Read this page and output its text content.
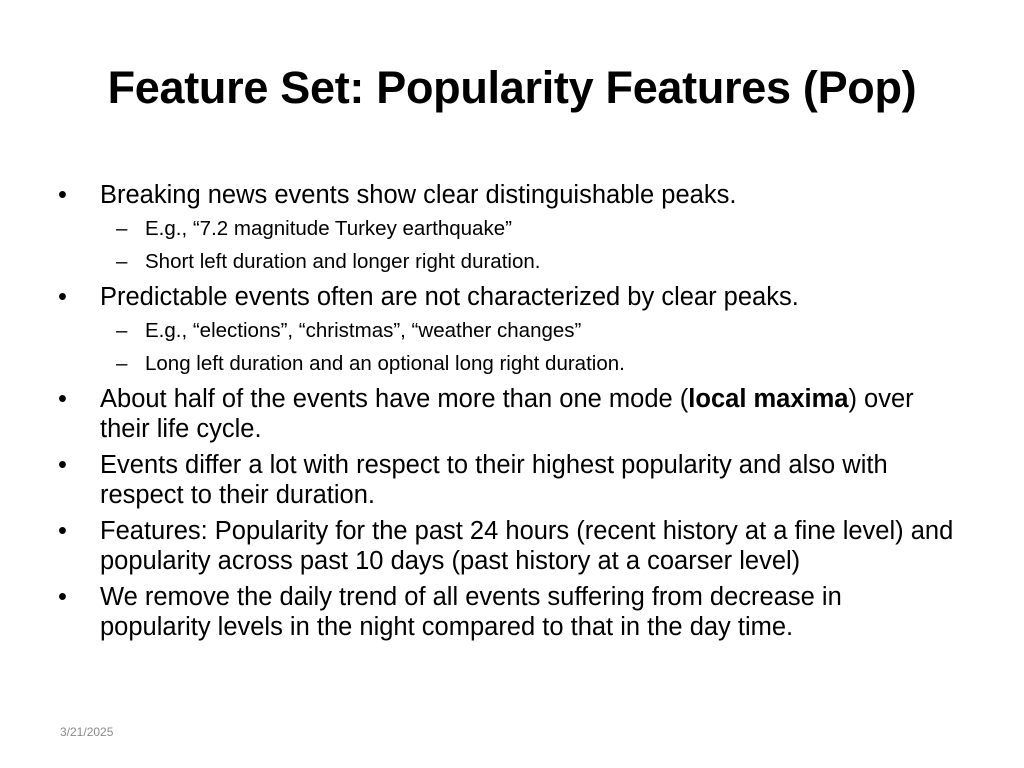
Feature Set: Popularity Features (Pop)
• Breaking news events show clear distinguishable peaks.
– E.g., “7.2 magnitude Turkey earthquake”
– Short left duration and longer right duration.
• Predictable events often are not characterized by clear peaks.
– E.g., “elections”, “christmas”, “weather changes”
– Long left duration and an optional long right duration.
• About half of the events have more than one mode (local maxima) over their life cycle.
• Events differ a lot with respect to their highest popularity and also with respect to their duration.
• Features: Popularity for the past 24 hours (recent history at a fine level) and popularity across past 10 days (past history at a coarser level)
• We remove the daily trend of all events suffering from decrease in popularity levels in the night compared to that in the day time.
3/21/2025
